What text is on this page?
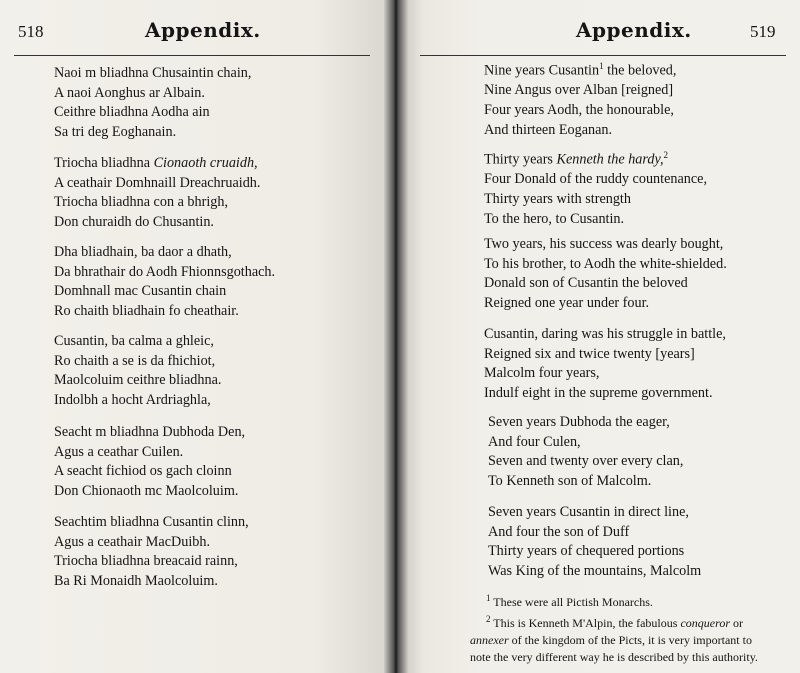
518	Appendix.
Naoi m bliadhna Chusaintin chain,
A naoi Aonghus ar Albain.
Ceithre bliadhna Aodha ain
Sa tri deg Eoghanain.
Triocha bliadhna Cionaoth cruaidh,
A ceathair Domhnaill Dreachruaidh.
Triocha bliadhna con a bhrigh,
Don churaidh do Chusantin.
Dha bliadhain, ba daor a dhath,
Da bhrathair do Aodh Fhionnsgothach.
Domhnall mac Cusantin chain
Ro chaith bliadhain fo cheathair.
Cusantin, ba calma a ghleic,
Ro chaith a se is da fhichiot,
Maolcoluim ceithre bliadhna.
Indolbh a hocht Ardriaghla,
Seacht m bliadhna Dubhoda Den,
Agus a ceathar Cuilen.
A seacht fichiod os gach cloinn
Don Chionaoth mc Maolcoluim.
Seachtim bliadhna Cusantin clinn,
Agus a ceathair MacDuibh.
Triocha bliadhna breacaid rainn,
Ba Ri Monaidh Maolcoluim.
Appendix.	519
Nine years Cusantin$^1$ the beloved,
Nine Angus over Alban [reigned]
Four years Aodh, the honourable,
And thirteen Eoganan.
Thirty years Kenneth the hardy,$^2$
Four Donald of the ruddy countenance,
Thirty years with strength
To the hero, to Cusantin.
Two years, his success was dearly bought,
To his brother, to Aodh the white-shielded.
Donald son of Cusantin the beloved
Reigned one year under four.
Cusantin, daring was his struggle in battle,
Reigned six and twice twenty [years]
Malcolm four years,
Indulf eight in the supreme government.
Seven years Dubhoda the eager,
And four Culen,
Seven and twenty over every clan,
To Kenneth son of Malcolm.
Seven years Cusantin in direct line,
And four the son of Duff
Thirty years of chequered portions
Was King of the mountains, Malcolm
$^1$ These were all Pictish Monarchs.
$^2$ This is Kenneth M'Alpin, the fabulous conqueror or
annexer of the kingdom of the Picts, it is very important to
note the very different way he is described by this authority.
